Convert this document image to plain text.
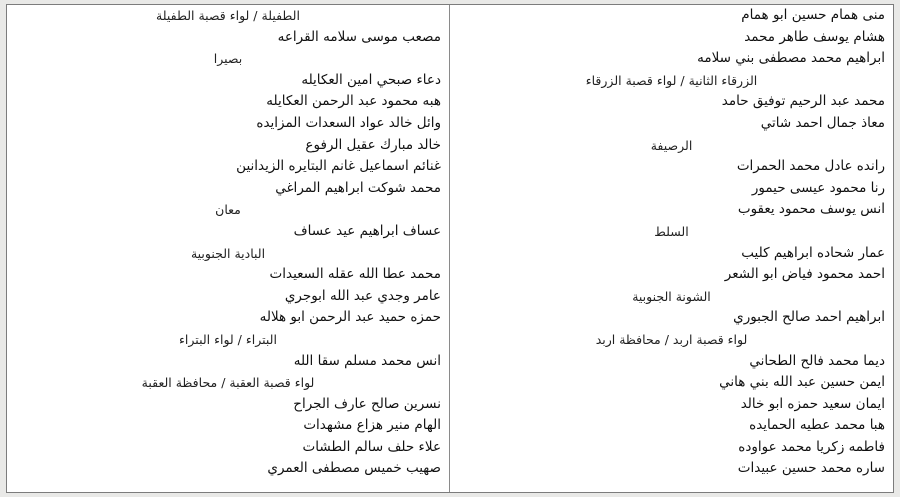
منى همام حسين ابو همام
هشام يوسف طاهر محمد
ابراهيم محمد مصطفى بني سلامه
الزرقاء الثانية / لواء قصبة الزرقاء
محمد عبد الرحيم توفيق حامد
معاذ جمال احمد شاتي
الرصيفة
رانده عادل محمد الحمرات
رنا محمود عيسى حيمور
انس يوسف محمود يعقوب
السلط
عمار شحاده ابراهيم كليب
احمد محمود فياض ابو الشعر
الشونة الجنوبية
ابراهيم احمد صالح الجبوري
لواء قصبة اربد / محافظة اربد
ديما محمد فالح الطحاني
ايمن حسين عبد الله بني هاني
ايمان سعيد حمزه ابو خالد
هبا محمد عطيه الحمايده
فاطمه زكريا محمد عواوده
ساره محمد حسين عبيدات
الطفيلة / لواء قصبة الطفيلة
مصعب موسى سلامه القراعه
بصيرا
دعاء صبحي امين العكايله
هبه محمود عبد الرحمن العكايله
وائل خالد عواد السعدات المزايده
خالد مبارك عقيل الرفوع
غنائم اسماعيل غانم البتايره الزيدانين
محمد شوكت ابراهيم المراغي
معان
عساف ابراهيم عيد عساف
البادية الجنوبية
محمد عطا الله عقله السعيدات
عامر وجدي عبد الله ابوجري
حمزه حميد عبد الرحمن ابو هلاله
البتراء / لواء البتراء
انس محمد مسلم سقا الله
لواء قصبة العقبة / محافظة العقبة
نسرين صالح عارف الجراح
الهام منير هزاع مشهدات
علاء حلف سالم الطشات
صهيب خميس مصطفى العمري
